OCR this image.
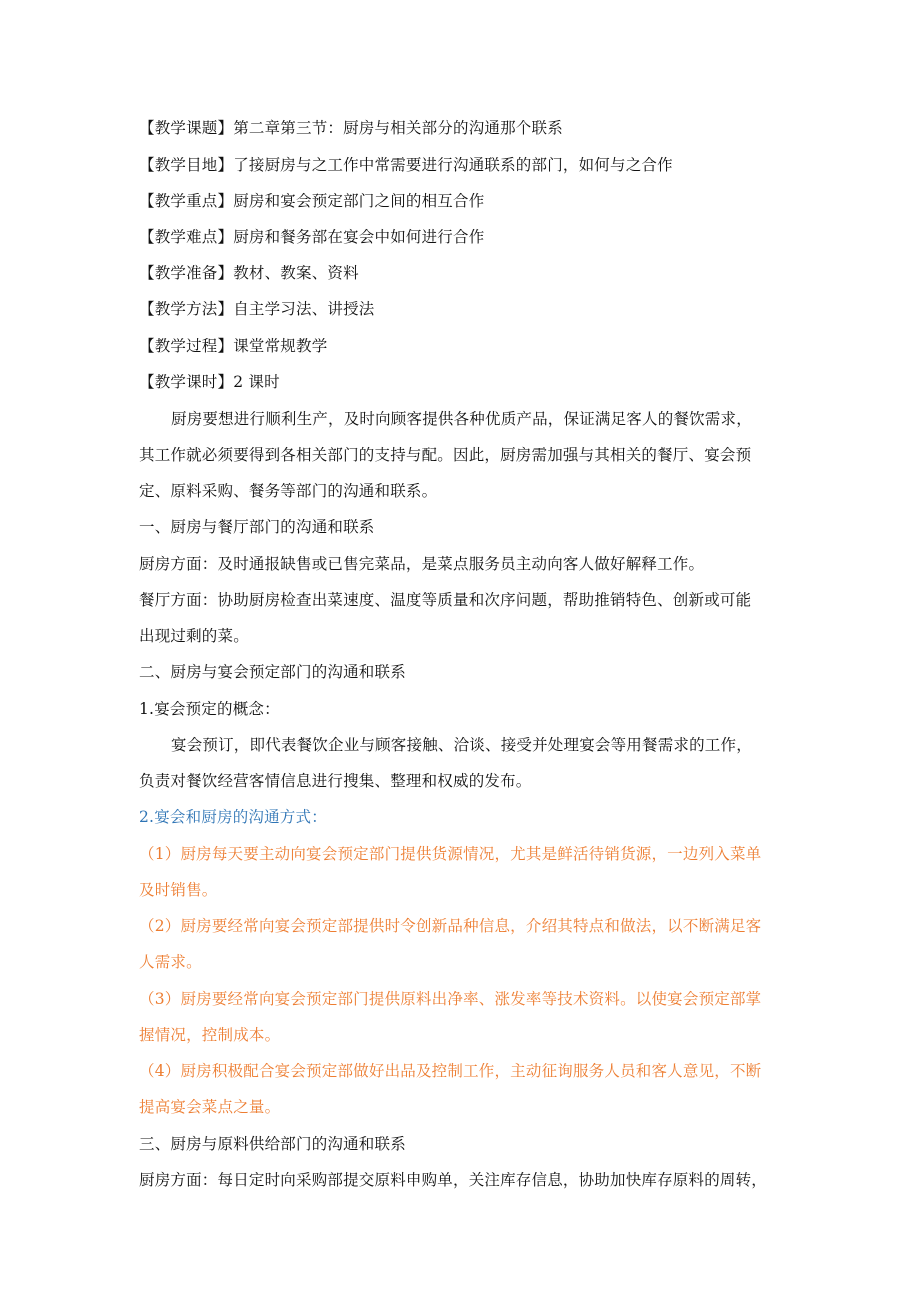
【教学课题】第二章第三节：厨房与相关部分的沟通那个联系

【教学目地】了接厨房与之工作中常需要进行沟通联系的部门，如何与之合作

【教学重点】厨房和宴会预定部门之间的相互合作

【教学难点】厨房和餐务部在宴会中如何进行合作

【教学准备】教材、教案、资料

【教学方法】自主学习法、讲授法

【教学过程】课堂常规教学

【教学课时】2 课时

厨房要想进行顺利生产，及时向顾客提供各种优质产品，保证满足客人的餐饮需求，

其工作就必须要得到各相关部门的支持与配。因此，厨房需加强与其相关的餐厅、宴会预

定、原料采购、餐务等部门的沟通和联系。

一、厨房与餐厅部门的沟通和联系

厨房方面：及时通报缺售或已售完菜品，是菜点服务员主动向客人做好解释工作。

餐厅方面：协助厨房检查出菜速度、温度等质量和次序问题，帮助推销特色、创新或可能

出现过剩的菜。

二、厨房与宴会预定部门的沟通和联系

1.宴会预定的概念：

宴会预订，即代表餐饮企业与顾客接触、洽谈、接受并处理宴会等用餐需求的工作，

负责对餐饮经营客情信息进行搜集、整理和权威的发布。

2.宴会和厨房的沟通方式：

（1）厨房每天要主动向宴会预定部门提供货源情况，尤其是鲜活待销货源，一边列入菜单

及时销售。

（2）厨房要经常向宴会预定部提供时令创新品种信息，介绍其特点和做法，以不断满足客

人需求。

（3）厨房要经常向宴会预定部门提供原料出净率、涨发率等技术资料。以使宴会预定部掌

握情况，控制成本。

（4）厨房积极配合宴会预定部做好出品及控制工作，主动征询服务人员和客人意见，不断

提高宴会菜点之量。

三、厨房与原料供给部门的沟通和联系

厨房方面：每日定时向采购部提交原料申购单，关注库存信息，协助加快库存原料的周转，
